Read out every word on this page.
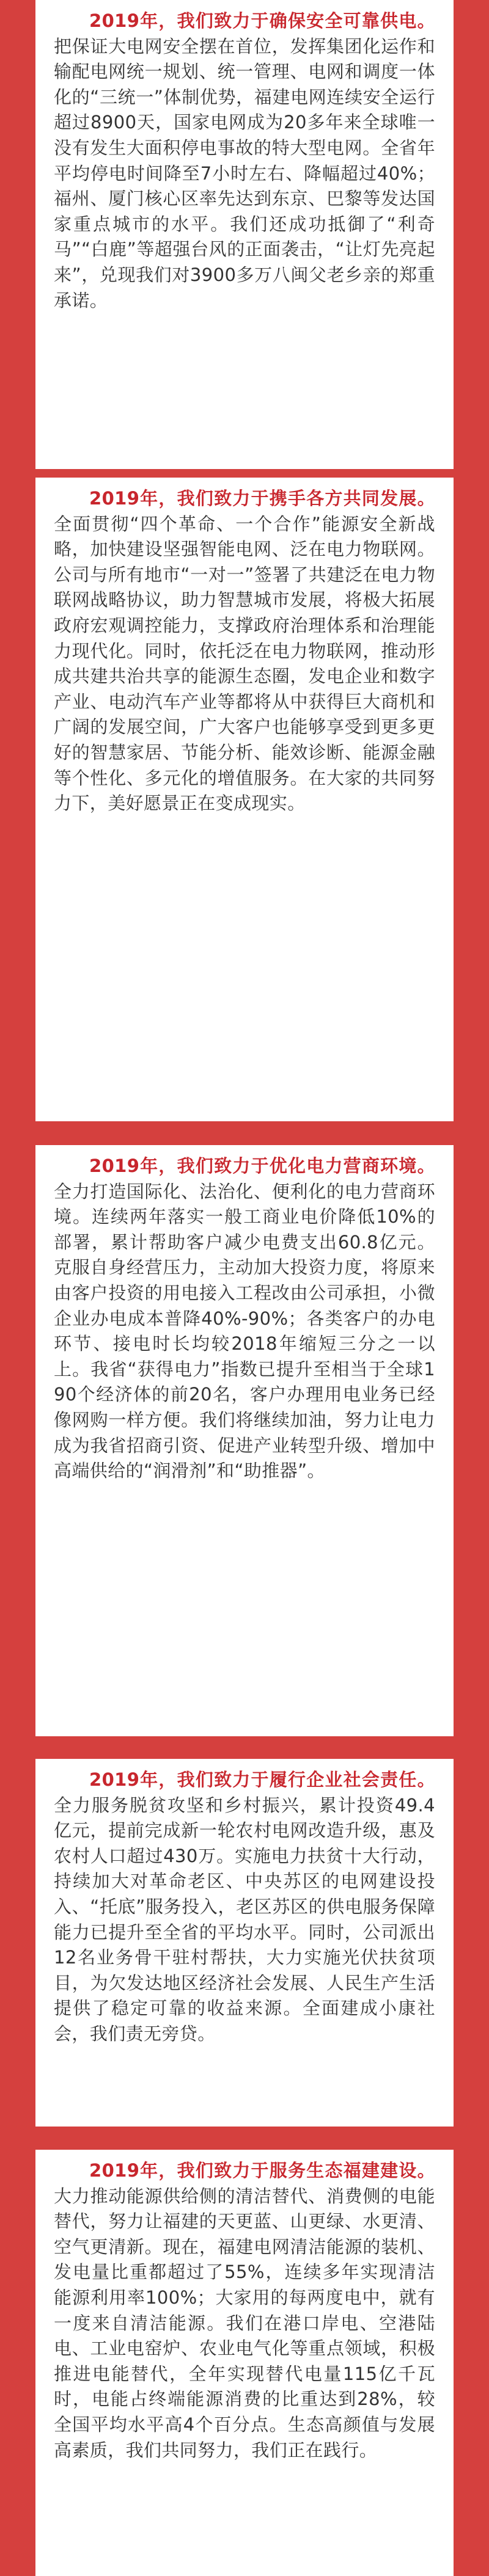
2019年，我们致力于确保安全可靠供电。把保证大电网安全摆在首位，发挥集团化运作和输配电网统一规划、统一管理、电网和调度一体化的“三统一”体制优势，福建电网连续安全运行超过8900天，国家电网成为20多年来全球唯一没有发生大面积停电事故的特大型电网。全省年平均停电时间降至7小时左右、降幅超过40%；福州、厦门核心区率先达到东京、巴黎等发达国家重点城市的水平。我们还成功抵御了“利奇马”“白鹿”等超强台风的正面袭击，“让灯先亮起来”，兑现我们对3900多万八闽父老乡亲的郑重承诺。

2019年，我们致力于携手各方共同发展。全面贯彻“四个革命、一个合作”能源安全新战略，加快建设坚强智能电网、泛在电力物联网。公司与所有地市“一对一”签署了共建泛在电力物联网战略协议，助力智慧城市发展，将极大拓展政府宏观调控能力，支撑政府治理体系和治理能力现代化。同时，依托泛在电力物联网，推动形成共建共治共享的能源生态圈，发电企业和数字产业、电动汽车产业等都将从中获得巨大商机和广阔的发展空间，广大客户也能够享受到更多更好的智慧家居、节能分析、能效诊断、能源金融等个性化、多元化的增值服务。在大家的共同努力下，美好愿景正在变成现实。

2019年，我们致力于优化电力营商环境。全力打造国际化、法治化、便利化的电力营商环境。连续两年落实一般工商业电价降低10%的部署，累计帮助客户减少电费支出60.8亿元。克服自身经营压力，主动加大投资力度，将原来由客户投资的用电接入工程改由公司承担，小微企业办电成本普降40%-90%；各类客户的办电环节、接电时长均较2018年缩短三分之一以上。我省“获得电力”指数已提升至相当于全球190个经济体的前20名，客户办理用电业务已经像网购一样方便。我们将继续加油，努力让电力成为我省招商引资、促进产业转型升级、增加中高端供给的“润滑剂”和“助推器”。

2019年，我们致力于履行企业社会责任。全力服务脱贫攻坚和乡村振兴，累计投资49.4亿元，提前完成新一轮农村电网改造升级，惠及农村人口超过430万。实施电力扶贫十大行动，持续加大对革命老区、中央苏区的电网建设投入、“托底”服务投入，老区苏区的供电服务保障能力已提升至全省的平均水平。同时，公司派出12名业务骨干驻村帮扶，大力实施光伏扶贫项目，为欠发达地区经济社会发展、人民生产生活提供了稳定可靠的收益来源。全面建成小康社会，我们责无旁贷。

2019年，我们致力于服务生态福建建设。大力推动能源供给侧的清洁替代、消费侧的电能替代，努力让福建的天更蓝、山更绿、水更清、空气更清新。现在，福建电网清洁能源的装机、发电量比重都超过了55%，连续多年实现清洁能源利用率100%；大家用的每两度电中，就有一度来自清洁能源。我们在港口岸电、空港陆电、工业电窑炉、农业电气化等重点领域，积极推进电能替代，全年实现替代电量115亿千瓦时，电能占终端能源消费的比重达到28%，较全国平均水平高4个百分点。生态高颜值与发展高素质，我们共同努力，我们正在践行。
